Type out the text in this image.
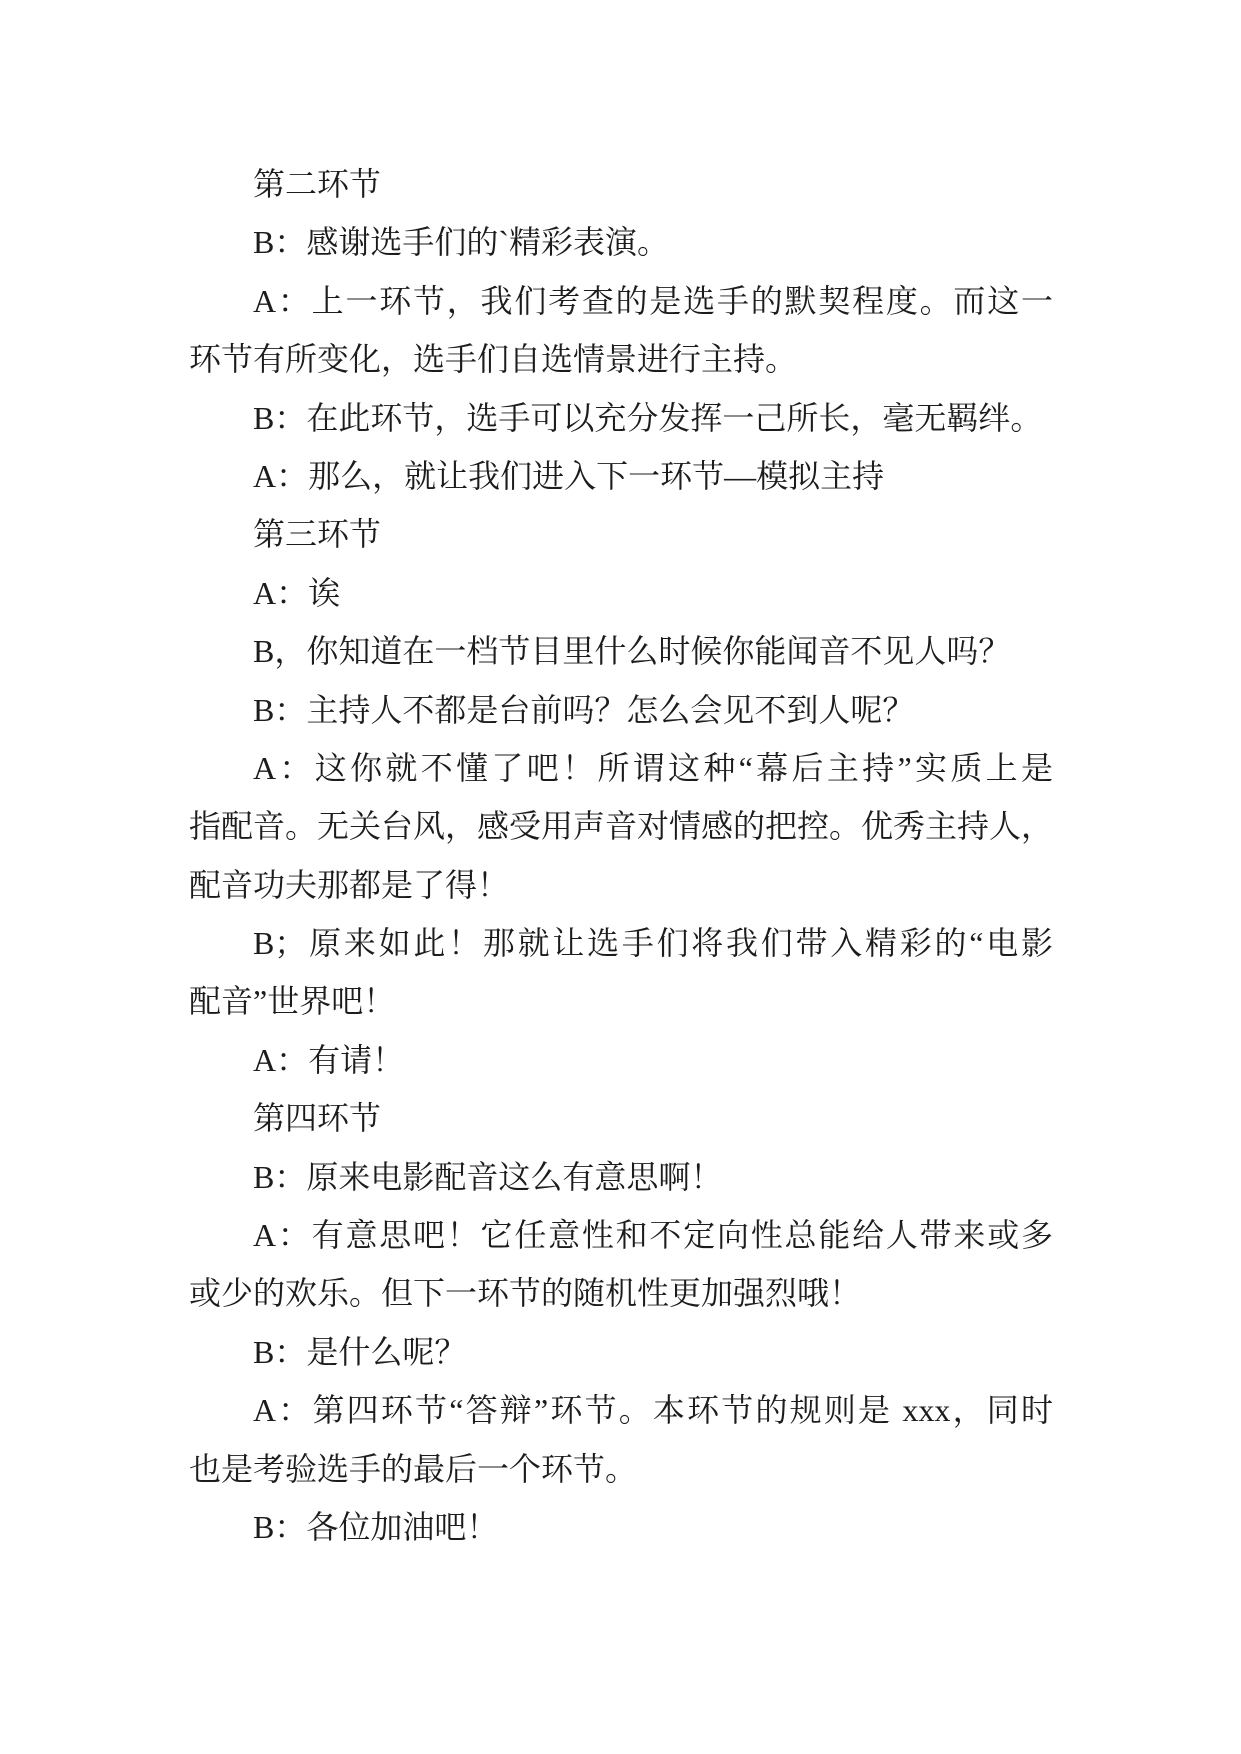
第二环节
B：感谢选手们的`精彩表演。
A：上一环节，我们考查的是选手的默契程度。而这一
环节有所变化，选手们自选情景进行主持。
B：在此环节，选手可以充分发挥一己所长，毫无羁绊。
A：那么，就让我们进入下一环节—模拟主持
第三环节
A：诶
B，你知道在一档节目里什么时候你能闻音不见人吗？
B：主持人不都是台前吗？怎么会见不到人呢？
A：这你就不懂了吧！所谓这种“幕后主持”实质上是
指配音。无关台风，感受用声音对情感的把控。优秀主持人，
配音功夫那都是了得！
B；原来如此！那就让选手们将我们带入精彩的“电影
配音”世界吧！
A：有请！
第四环节
B：原来电影配音这么有意思啊！
A：有意思吧！它任意性和不定向性总能给人带来或多
或少的欢乐。但下一环节的随机性更加强烈哦！
B：是什么呢？
A：第四环节“答辩”环节。本环节的规则是 xxx，同时
也是考验选手的最后一个环节。
B：各位加油吧！
